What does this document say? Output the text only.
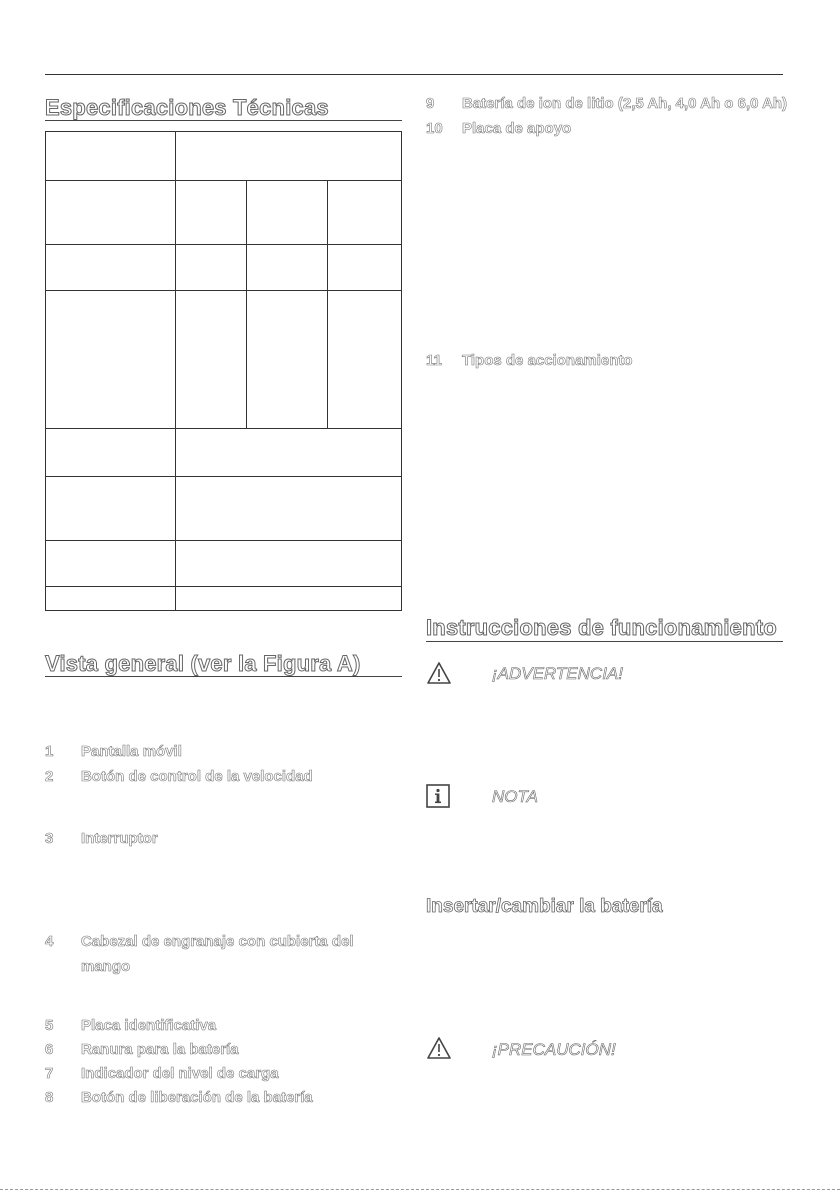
Especificaciones Técnicas
Vista general (ver la Figura A)
1 Pantalla móvil
2 Botón de control de la velocidad
3 Interruptor
4 Cabezal de engranaje con cubierta del
mango
5 Placa identificativa
6 Ranura para la batería
7 Indicador del nivel de carga
8 Botón de liberación de la batería
9 Batería de ion de litio (2,5 Ah, 4,0 Ah o 6,0 Ah)
10 Placa de apoyo
11 Tipos de accionamiento
Instrucciones de funcionamiento
¡ADVERTENCIA!
NOTA
Insertar/cambiar la batería
¡PRECAUCIÓN!
